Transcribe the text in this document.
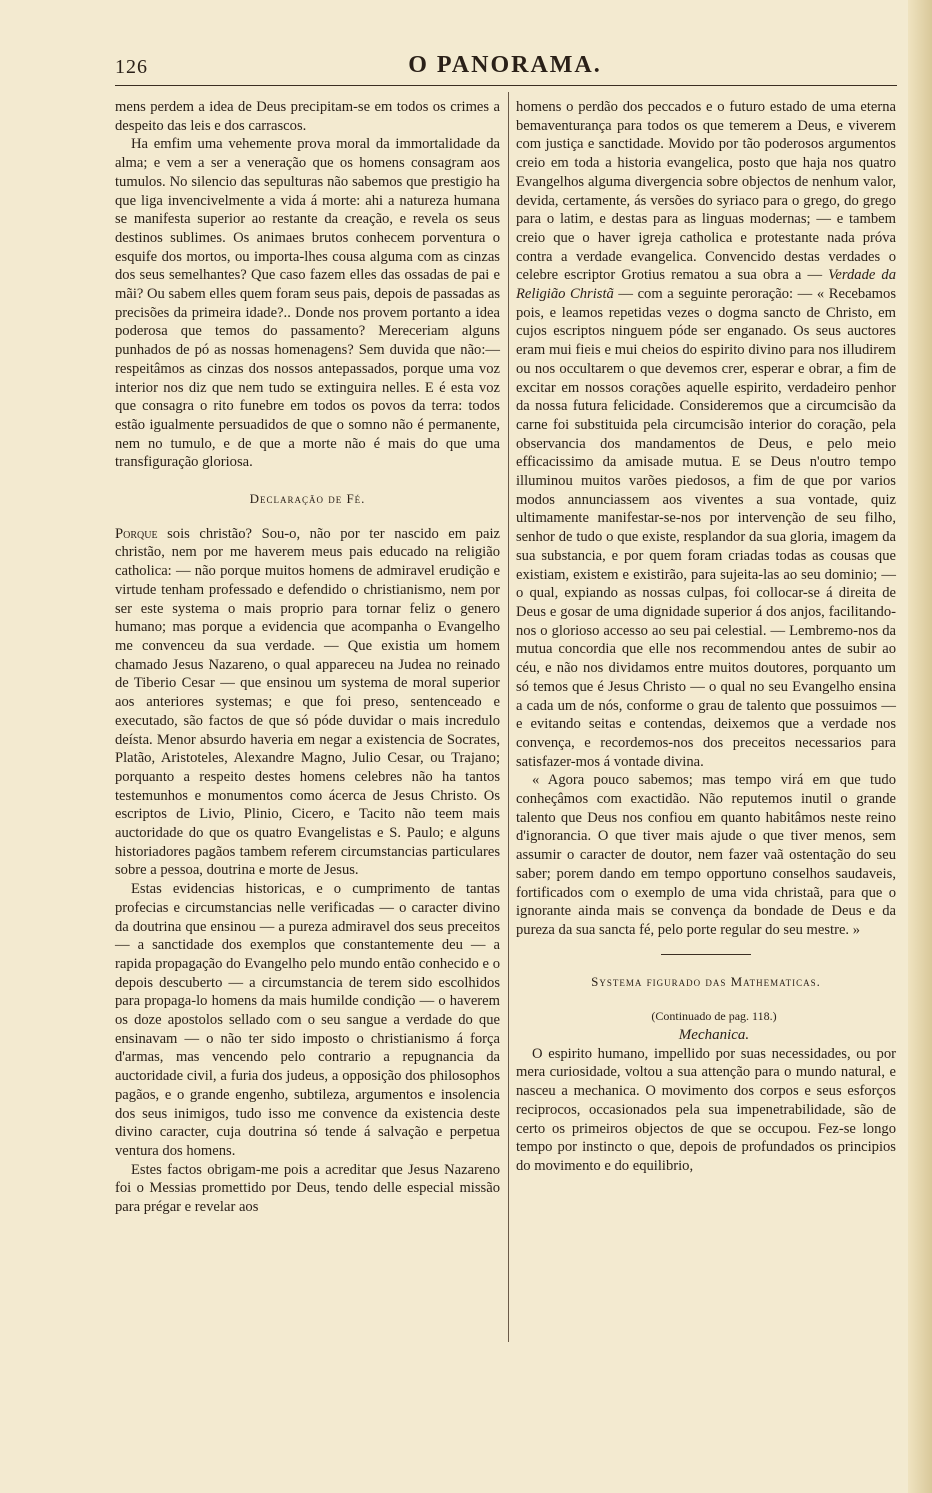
126	O PANORAMA.

mens perdem a idea de Deus precipitam-se em todos os crimes a despeito das leis e dos carrascos.

Ha emfim uma vehemente prova moral da immortalidade da alma; e vem a ser a veneração que os homens consagram aos tumulos. No silencio das sepulturas não sabemos que prestigio ha que liga invencivelmente a vida á morte: ahi a natureza humana se manifesta superior ao restante da creação, e revela os seus destinos sublimes. Os animaes brutos conhecem porventura o esquife dos mortos, ou importa-lhes cousa alguma com as cinzas dos seus semelhantes? Que caso fazem elles das ossadas de pai e mãi? Ou sabem elles quem foram seus pais, depois de passadas as precisões da primeira idade?.. Donde nos provem portanto a idea poderosa que temos do passamento? Mereceriam alguns punhados de pó as nossas homenagens? Sem duvida que não:— respeitâmos as cinzas dos nossos antepassados, porque uma voz interior nos diz que nem tudo se extinguira nelles. E é esta voz que consagra o rito funebre em todos os povos da terra: todos estão igualmente persuadidos de que o somno não é permanente, nem no tumulo, e de que a morte não é mais do que uma transfiguração gloriosa.

Declaração de Fé.

Porque sois christão? Sou-o, não por ter nascido em paiz christão, nem por me haverem meus pais educado na religião catholica: — não porque muitos homens de admiravel erudição e virtude tenham professado e defendido o christianismo, nem por ser este systema o mais proprio para tornar feliz o genero humano; mas porque a evidencia que acompanha o Evangelho me convenceu da sua verdade. — Que existia um homem chamado Jesus Nazareno, o qual appareceu na Judea no reinado de Tiberio Cesar — que ensinou um systema de moral superior aos anteriores systemas; e que foi preso, sentenceado e executado, são factos de que só póde duvidar o mais incredulo deísta. Menor absurdo haveria em negar a existencia de Socrates, Platão, Aristoteles, Alexandre Magno, Julio Cesar, ou Trajano; porquanto a respeito destes homens celebres não ha tantos testemunhos e monumentos como ácerca de Jesus Christo. Os escriptos de Livio, Plinio, Cicero, e Tacito não teem mais auctoridade do que os quatro Evangelistas e S. Paulo; e alguns historiadores pagãos tambem referem circumstancias particulares sobre a pessoa, doutrina e morte de Jesus.

Estas evidencias historicas, e o cumprimento de tantas profecias e circumstancias nelle verificadas — o caracter divino da doutrina que ensinou — a pureza admiravel dos seus preceitos — a sanctidade dos exemplos que constantemente deu — a rapida propagação do Evangelho pelo mundo então conhecido e o depois descuberto — a circumstancia de terem sido escolhidos para propaga-lo homens da mais humilde condição — o haverem os doze apostolos sellado com o seu sangue a verdade do que ensinavam — o não ter sido imposto o christianismo á força d'armas, mas vencendo pelo contrario a repugnancia da auctoridade civil, a furia dos judeus, a opposição dos philosophos pagãos, e o grande engenho, subtileza, argumentos e insolencia dos seus inimigos, tudo isso me convence da existencia deste divino caracter, cuja doutrina só tende á salvação e perpetua ventura dos homens.

Estes factos obrigam-me pois a acreditar que Jesus Nazareno foi o Messias promettido por Deus, tendo delle especial missão para prégar e revelar aos

homens o perdão dos peccados e o futuro estado de uma eterna bemaventurança para todos os que temerem a Deus, e viverem com justiça e sanctidade. Movido por tão poderosos argumentos creio em toda a historia evangelica, posto que haja nos quatro Evangelhos alguma divergencia sobre objectos de nenhum valor, devida, certamente, ás versões do syriaco para o grego, do grego para o latim, e destas para as linguas modernas; — e tambem creio que o haver igreja catholica e protestante nada próva contra a verdade evangelica. Convencido destas verdades o celebre escriptor Grotius rematou a sua obra a — Verdade da Religião Christã — com a seguinte peroração: — « Recebamos pois, e leamos repetidas vezes o dogma sancto de Christo, em cujos escriptos ninguem póde ser enganado. Os seus auctores eram mui fieis e mui cheios do espirito divino para nos illudirem ou nos occultarem o que devemos crer, esperar e obrar, a fim de excitar em nossos corações aquelle espirito, verdadeiro penhor da nossa futura felicidade. Consideremos que a circumcisão da carne foi substituida pela circumcisão interior do coração, pela observancia dos mandamentos de Deus, e pelo meio efficacissimo da amisade mutua. E se Deus n'outro tempo illuminou muitos varões piedosos, a fim de que por varios modos annunciassem aos viventes a sua vontade, quiz ultimamente manifestar-se-nos por intervenção de seu filho, senhor de tudo o que existe, resplandor da sua gloria, imagem da sua substancia, e por quem foram criadas todas as cousas que existiam, existem e existirão, para sujeita-las ao seu dominio; — o qual, expiando as nossas culpas, foi collocar-se á direita de Deus e gosar de uma dignidade superior á dos anjos, facilitando-nos o glorioso accesso ao seu pai celestial. — Lembremo-nos da mutua concordia que elle nos recommendou antes de subir ao céu, e não nos dividamos entre muitos doutores, porquanto um só temos que é Jesus Christo — o qual no seu Evangelho ensina a cada um de nós, conforme o grau de talento que possuimos — e evitando seitas e contendas, deixemos que a verdade nos convença, e recordemos-nos dos preceitos necessarios para satisfazer-mos á vontade divina.

« Agora pouco sabemos; mas tempo virá em que tudo conheçâmos com exactidão. Não reputemos inutil o grande talento que Deus nos confiou em quanto habitâmos neste reino d'ignorancia. O que tiver mais ajude o que tiver menos, sem assumir o caracter de doutor, nem fazer vaã ostentação do seu saber; porem dando em tempo opportuno conselhos saudaveis, fortificados com o exemplo de uma vida christaã, para que o ignorante ainda mais se convença da bondade de Deus e da pureza da sua sancta fé, pelo porte regular do seu mestre. »

Systema figurado das Mathematicas.

(Continuado de pag. 118.)

Mechanica.

O espirito humano, impellido por suas necessidades, ou por mera curiosidade, voltou a sua attenção para o mundo natural, e nasceu a mechanica. O movimento dos corpos e seus esforços reciprocos, occasionados pela sua impenetrabilidade, são de certo os primeiros objectos de que se occupou. Fez-se longo tempo por instincto o que, depois de profundados os principios do movimento e do equilibrio,
